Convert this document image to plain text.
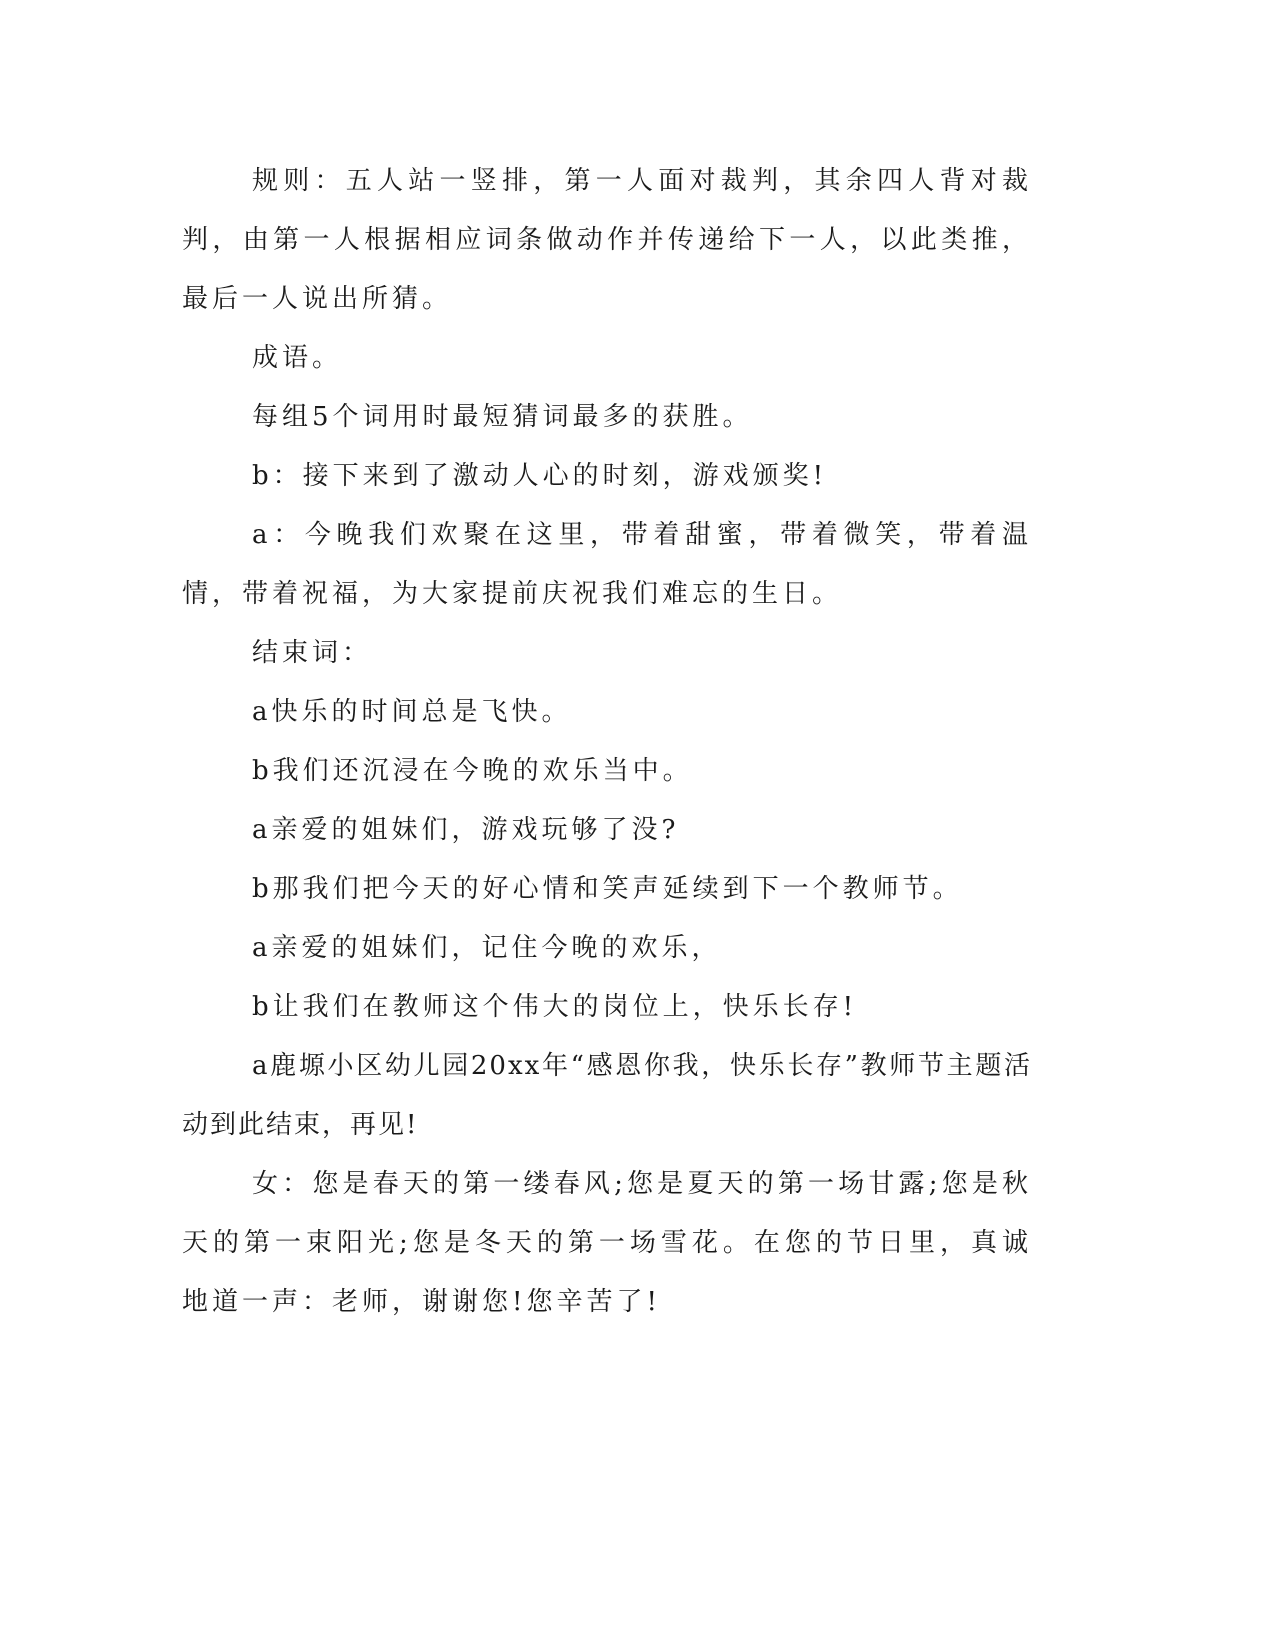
规则：五人站一竖排，第一人面对裁判，其余四人背对裁判，由第一人根据相应词条做动作并传递给下一人，以此类推，最后一人说出所猜。

成语。

每组5个词用时最短猜词最多的获胜。

b：接下来到了激动人心的时刻，游戏颁奖!

a：今晚我们欢聚在这里，带着甜蜜，带着微笑，带着温情，带着祝福，为大家提前庆祝我们难忘的生日。

结束词：

a快乐的时间总是飞快。

b我们还沉浸在今晚的欢乐当中。

a亲爱的姐妹们，游戏玩够了没?

b那我们把今天的好心情和笑声延续到下一个教师节。

a亲爱的姐妹们，记住今晚的欢乐，

b让我们在教师这个伟大的岗位上，快乐长存!

a鹿塬小区幼儿园20xx年“感恩你我，快乐长存”教师节主题活动到此结束，再见!

女：您是春天的第一缕春风;您是夏天的第一场甘露;您是秋天的第一束阳光;您是冬天的第一场雪花。在您的节日里，真诚地道一声：老师，谢谢您!您辛苦了!
